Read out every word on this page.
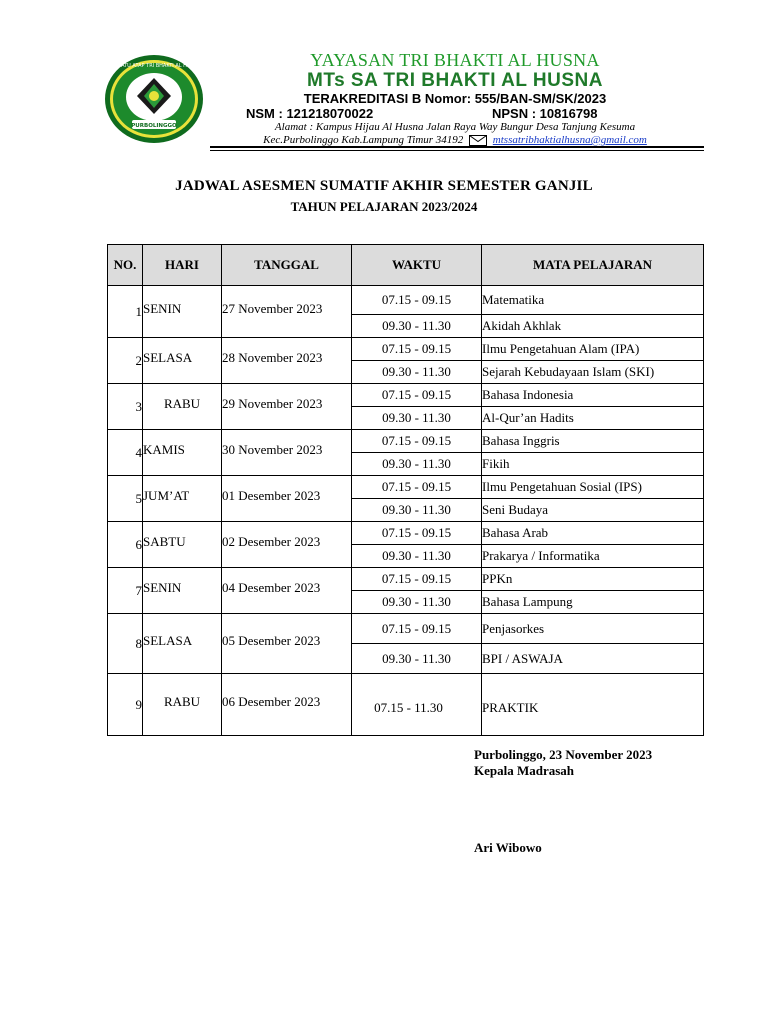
PURBOLINGGO
MTs SATU ATAP TRI BHAKTI AL HUSNA	YAYASAN TRI BHAKTI AL HUSNA
MTs SA TRI BHAKTI AL HUSNA
TERAKREDITASI B Nomor: 555/BAN-SM/SK/2023
NSM : 121218070022	NPSN : 10816798
Alamat : Kampus Hijau Al Husna Jalan Raya Way Bungur Desa Tanjung Kesuma
Kec.Purbolinggo Kab.Lampung Timur 34192	mtssatribhaktialhusna@gmail.com
JADWAL ASESMEN SUMATIF AKHIR SEMESTER GANJIL
TAHUN PELAJARAN 2023/2024
NO.	HARI	TANGGAL	WAKTU	MATA PELAJARAN
1	SENIN	27 November 2023	07.15 - 09.15	Matematika
			09.30 - 11.30	Akidah Akhlak
2	SELASA	28 November 2023	07.15 - 09.15	Ilmu Pengetahuan Alam (IPA)
			09.30 - 11.30	Sejarah Kebudayaan Islam (SKI)
3	RABU	29 November 2023	07.15 - 09.15	Bahasa Indonesia
			09.30 - 11.30	Al-Qur’an Hadits
4	KAMIS	30 November 2023	07.15 - 09.15	Bahasa Inggris
			09.30 - 11.30	Fikih
5	JUM’AT	01 Desember 2023	07.15 - 09.15	Ilmu Pengetahuan Sosial (IPS)
			09.30 - 11.30	Seni Budaya
6	SABTU	02 Desember 2023	07.15 - 09.15	Bahasa Arab
			09.30 - 11.30	Prakarya / Informatika
7	SENIN	04 Desember 2023	07.15 - 09.15	PPKn
			09.30 - 11.30	Bahasa Lampung
8	SELASA	05 Desember 2023	07.15 - 09.15	Penjasorkes
			09.30 - 11.30	BPI / ASWAJA
9	RABU	06 Desember 2023	07.15 - 11.30	PRAKTIK
Purbolinggo, 23 November 2023
Kepala Madrasah
Ari Wibowo
